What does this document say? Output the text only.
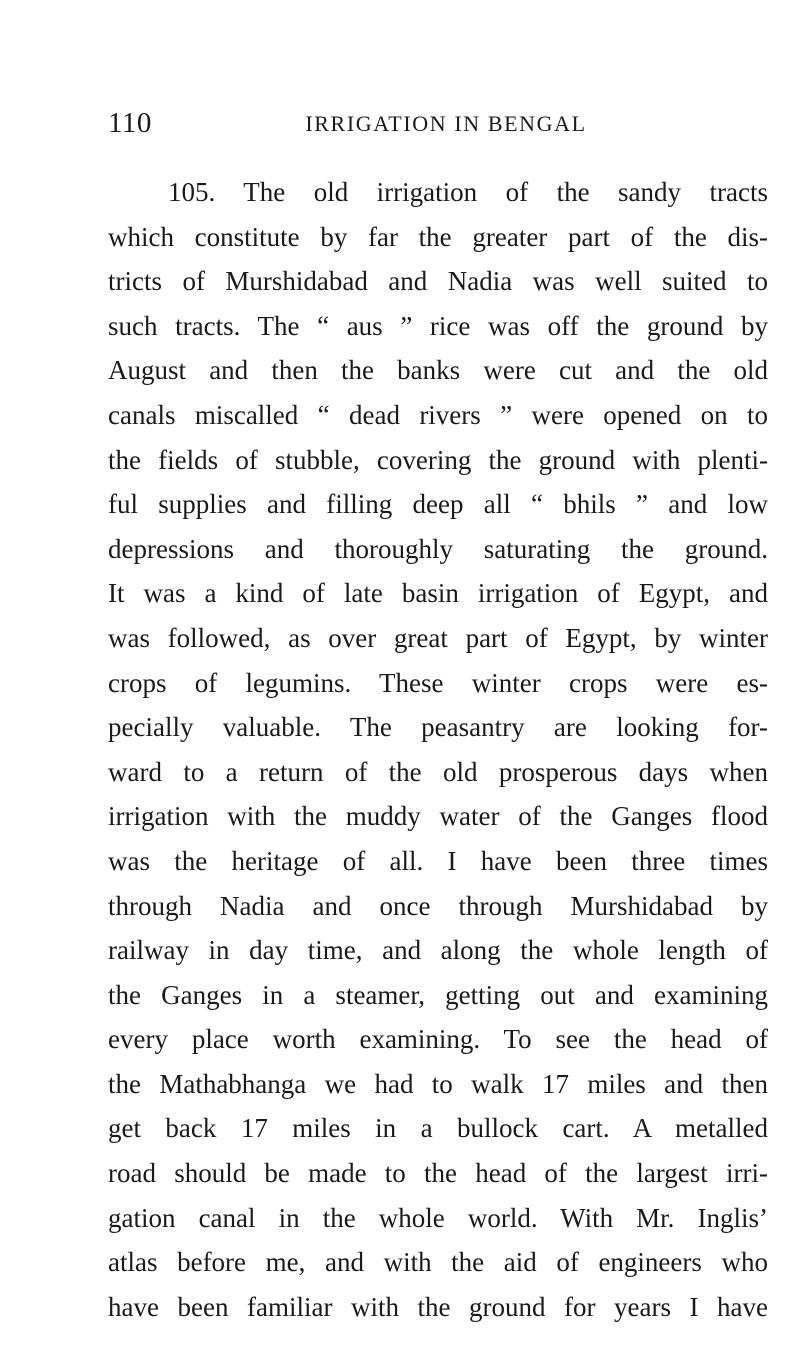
110	IRRIGATION IN BENGAL
105. The old irrigation of the sandy tracts
which constitute by far the greater part of the dis-
tricts of Murshidabad and Nadia was well suited to
such tracts. The “ aus ” rice was off the ground by
August and then the banks were cut and the old
canals miscalled “ dead rivers ” were opened on to
the fields of stubble, covering the ground with plenti-
ful supplies and filling deep all “ bhils ” and low
depressions and thoroughly saturating the ground.
It was a kind of late basin irrigation of Egypt, and
was followed, as over great part of Egypt, by winter
crops of legumins. These winter crops were es-
pecially valuable. The peasantry are looking for-
ward to a return of the old prosperous days when
irrigation with the muddy water of the Ganges flood
was the heritage of all. I have been three times
through Nadia and once through Murshidabad by
railway in day time, and along the whole length of
the Ganges in a steamer, getting out and examining
every place worth examining. To see the head of
the Mathabhanga we had to walk 17 miles and then
get back 17 miles in a bullock cart. A metalled
road should be made to the head of the largest irri-
gation canal in the whole world. With Mr. Inglis’
atlas before me, and with the aid of engineers who
have been familiar with the ground for years I have
